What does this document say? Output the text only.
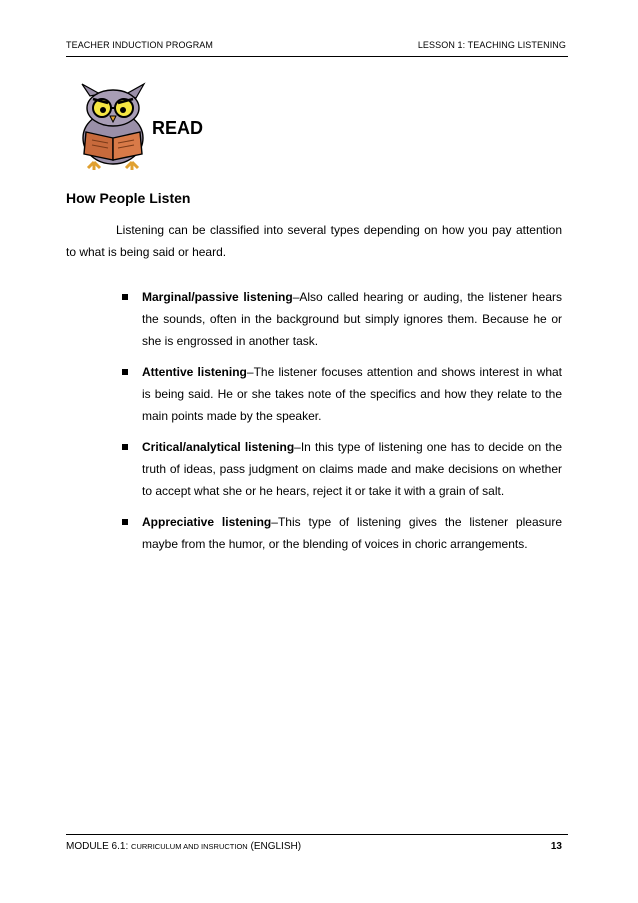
TEACHER INDUCTION PROGRAM	LESSON 1: TEACHING LISTENING
READ
How People Listen

Listening can be classified into several types depending on how you pay attention to what is being said or heard.

Marginal/passive listening–Also called hearing or auding, the listener hears the sounds, often in the background but simply ignores them. Because he or she is engrossed in another task.
Attentive listening–The listener focuses attention and shows interest in what is being said. He or she takes note of the specifics and how they relate to the main points made by the speaker.
Critical/analytical listening–In this type of listening one has to decide on the truth of ideas, pass judgment on claims made and make decisions on whether to accept what she or he hears, reject it or take it with a grain of salt.
Appreciative listening–This type of listening gives the listener pleasure maybe from the humor, or the blending of voices in choric arrangements.
MODULE 6.1: CURRICULUM AND INSRUCTION (ENGLISH)	13
